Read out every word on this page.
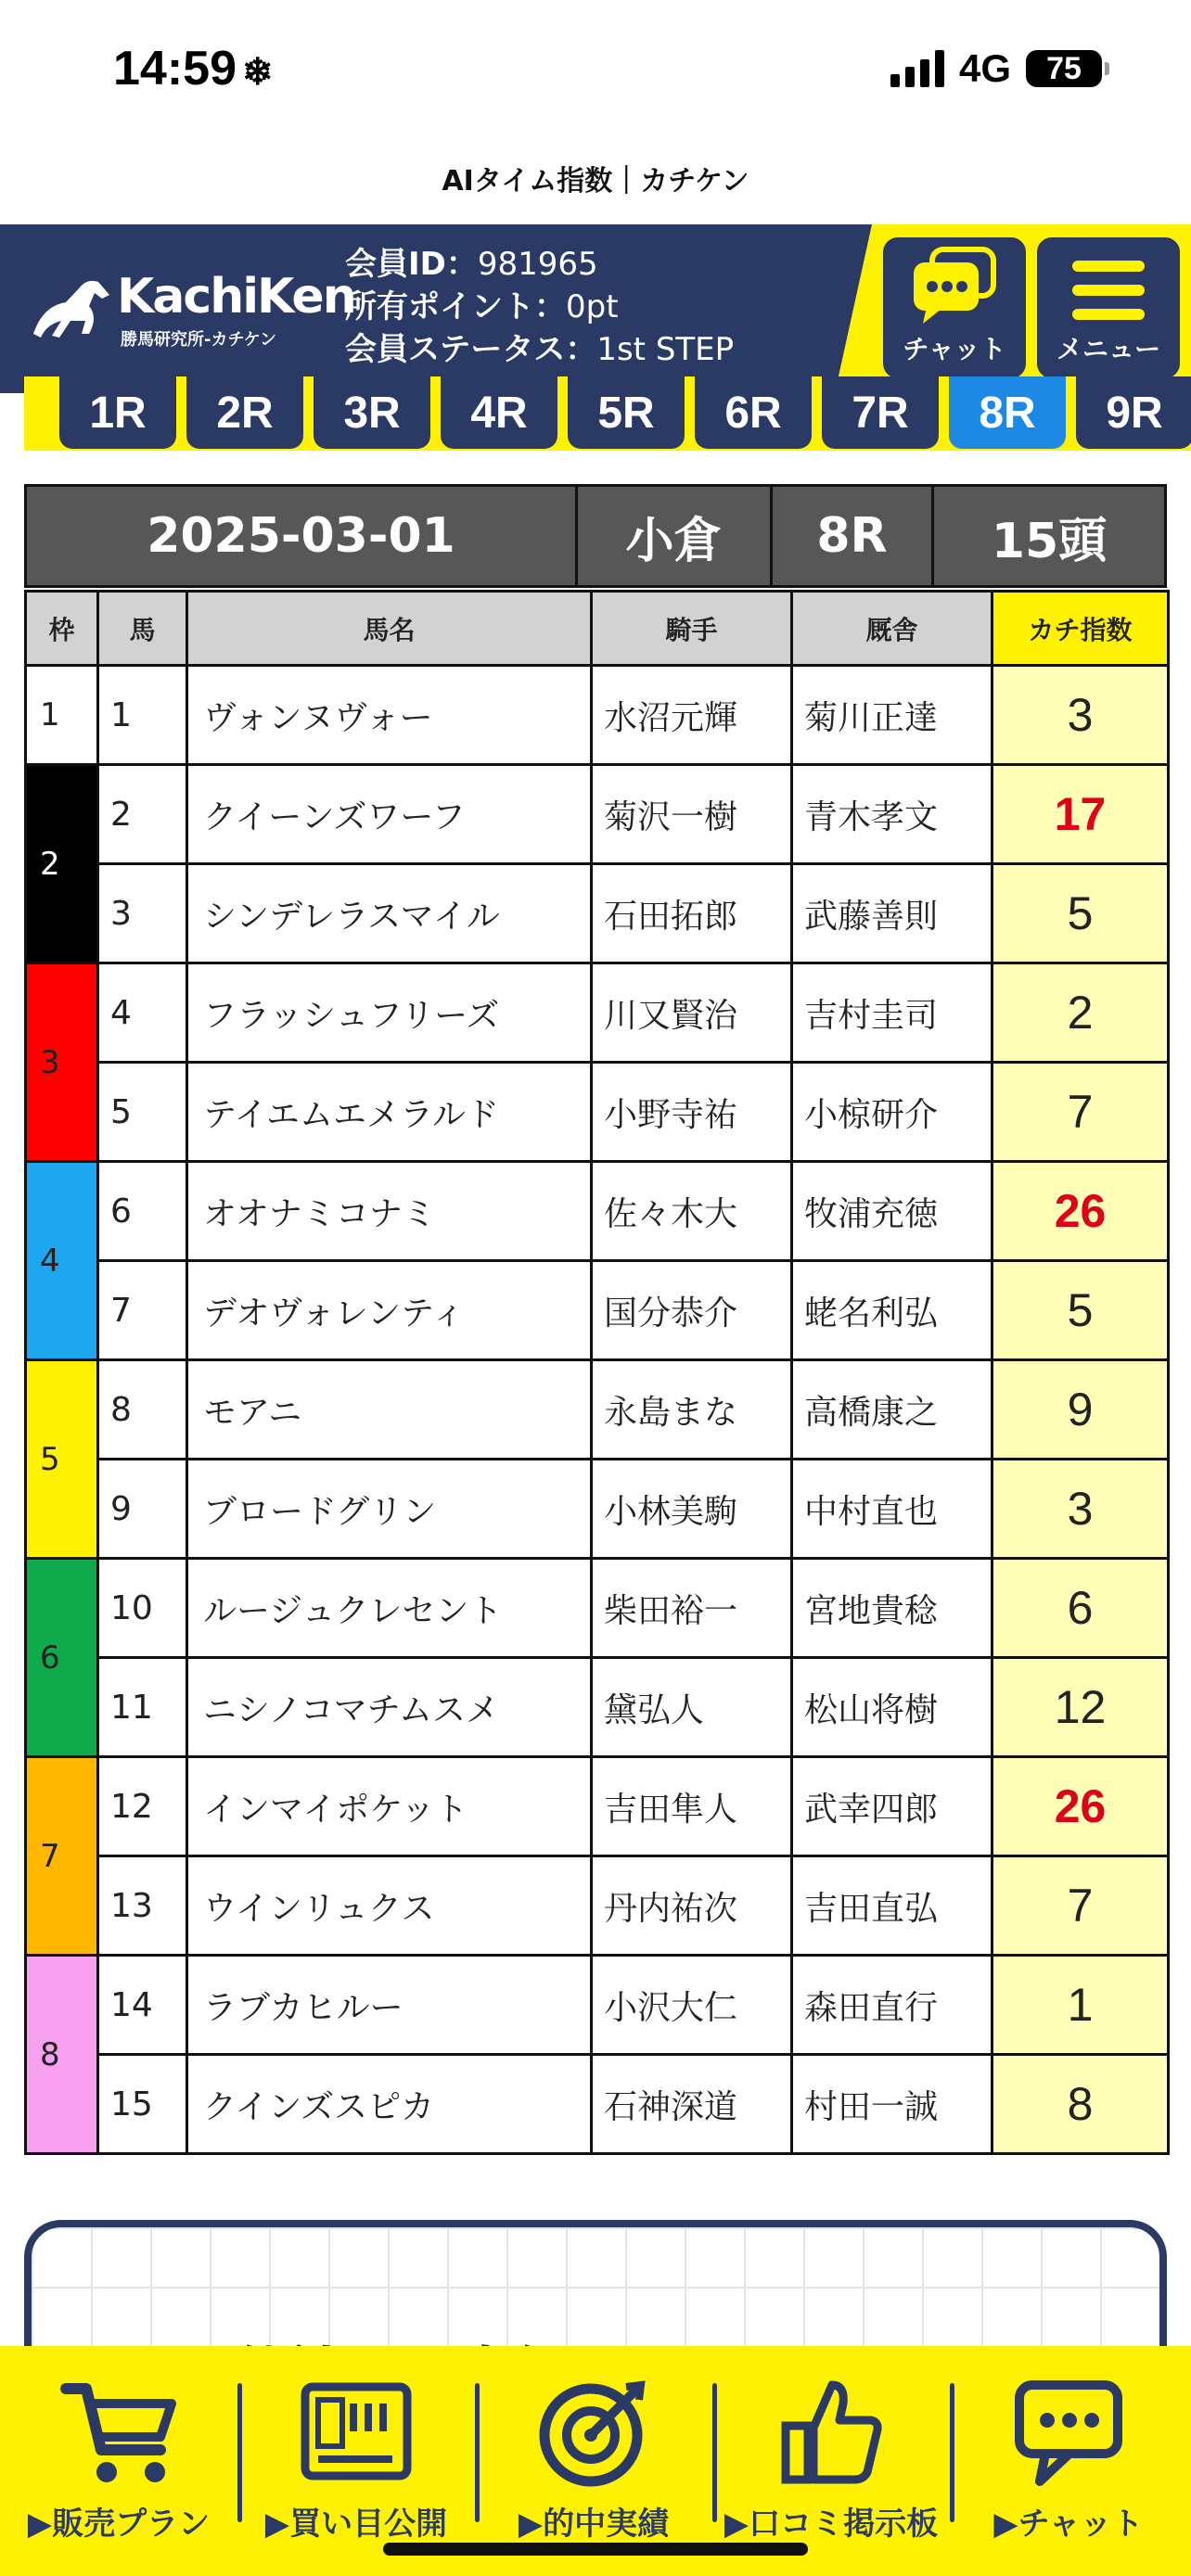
14:59 ❄	4G	75
AIタイム指数｜カチケン
KachiKen
勝馬研究所-カチケン
会員ID：981965
所有ポイント：0pt
会員ステータス：1st STEP	チャット メニュー
1R	2R	3R	4R	5R	6R	7R	8R	9R
2025-03-01	小倉	8R	15頭
枠	馬	馬名	騎手	厩舎	カチ指数
1	1	ヴォンヌヴォー	水沼元輝	菊川正達	3
2	2	クイーンズワーフ	菊沢一樹	青木孝文	17
	3	シンデレラスマイル	石田拓郎	武藤善則	5
3	4	フラッシュフリーズ	川又賢治	吉村圭司	2
	5	テイエムエメラルド	小野寺祐	小椋研介	7
4	6	オオナミコナミ	佐々木大	牧浦充徳	26
	7	デオヴォレンティ	国分恭介	蛯名利弘	5
5	8	モアニ	永島まな	高橋康之	9
	9	ブロードグリン	小林美駒	中村直也	3
6	10	ルージュクレセント	柴田裕一	宮地貴稔	6
	11	ニシノコマチムスメ	黛弘人	松山将樹	12
7	12	インマイポケット	吉田隼人	武幸四郎	26
	13	ウインリュクス	丹内祐次	吉田直弘	7
8	14	ラブカヒルー	小沢大仁	森田直行	1
	15	クインズスピカ	石神深道	村田一誠	8
▶販売プラン ▶買い目公開 ▶的中実績 ▶口コミ掲示板 ▶チャット
